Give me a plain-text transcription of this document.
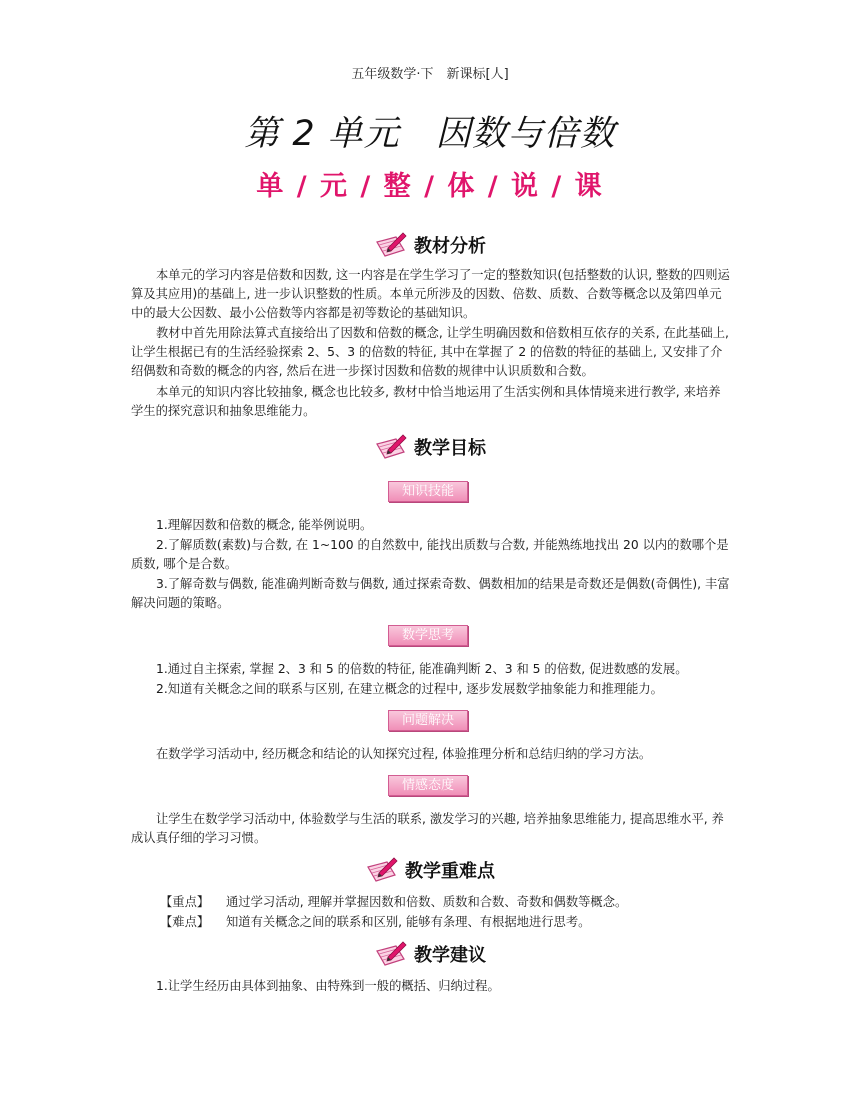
五年级数学·下　新课标[人]
第 2 单元　因数与倍数
单 / 元 / 整 / 体 / 说 / 课
教材分析

本单元的学习内容是倍数和因数, 这一内容是在学生学习了一定的整数知识(包括整数的认识, 整数的四则运算及其应用)的基础上, 进一步认识整数的性质。本单元所涉及的因数、倍数、质数、合数等概念以及第四单元中的最大公因数、最小公倍数等内容都是初等数论的基础知识。

教材中首先用除法算式直接给出了因数和倍数的概念, 让学生明确因数和倍数相互依存的关系, 在此基础上, 让学生根据已有的生活经验探索 2、5、3 的倍数的特征, 其中在掌握了 2 的倍数的特征的基础上, 又安排了介绍偶数和奇数的概念的内容, 然后在进一步探讨因数和倍数的规律中认识质数和合数。

本单元的知识内容比较抽象, 概念也比较多, 教材中恰当地运用了生活实例和具体情境来进行教学, 来培养学生的探究意识和抽象思维能力。

教学目标
知识技能

1.理解因数和倍数的概念, 能举例说明。

2.了解质数(素数)与合数, 在 1~100 的自然数中, 能找出质数与合数, 并能熟练地找出 20 以内的数哪个是质数, 哪个是合数。

3.了解奇数与偶数, 能准确判断奇数与偶数, 通过探索奇数、偶数相加的结果是奇数还是偶数(奇偶性), 丰富解决问题的策略。

数学思考

1.通过自主探索, 掌握 2、3 和 5 的倍数的特征, 能准确判断 2、3 和 5 的倍数, 促进数感的发展。

2.知道有关概念之间的联系与区别, 在建立概念的过程中, 逐步发展数学抽象能力和推理能力。

问题解决

在数学学习活动中, 经历概念和结论的认知探究过程, 体验推理分析和总结归纳的学习方法。

情感态度

让学生在数学学习活动中, 体验数学与生活的联系, 激发学习的兴趣, 培养抽象思维能力, 提高思维水平, 养成认真仔细的学习习惯。

教学重难点
【重点】 通过学习活动, 理解并掌握因数和倍数、质数和合数、奇数和偶数等概念。
【难点】 知道有关概念之间的联系和区别, 能够有条理、有根据地进行思考。
教学建议

1.让学生经历由具体到抽象、由特殊到一般的概括、归纳过程。
